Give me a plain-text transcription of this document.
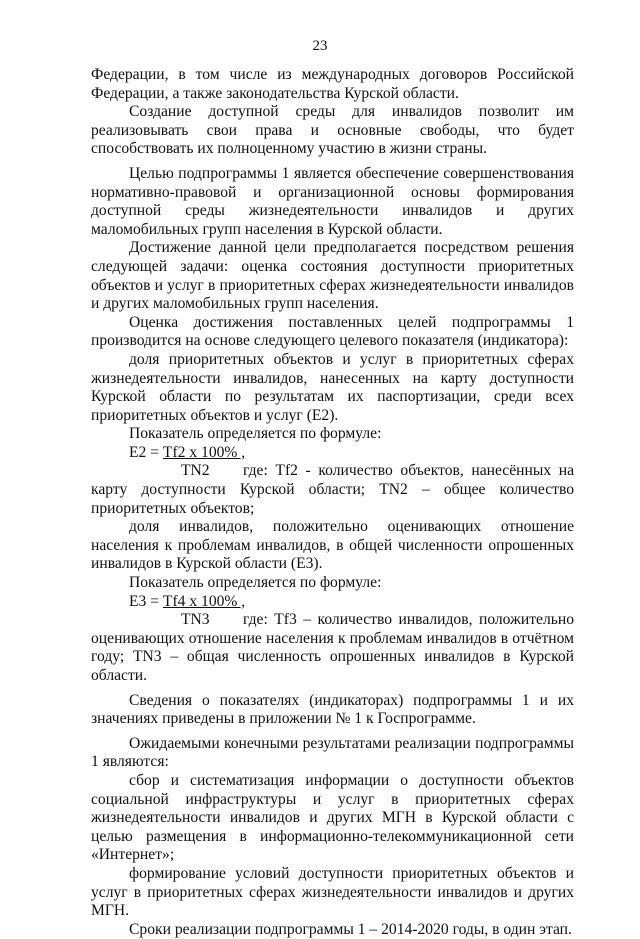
23

Федерации, в том числе из международных договоров Российской Федерации, а также законодательства Курской области.

Создание доступной среды для инвалидов позволит им реализовывать свои права и основные свободы, что будет способствовать их полноценному участию в жизни страны.

Целью подпрограммы 1 является обеспечение совершенствования нормативно-правовой и организационной основы формирования доступной среды жизнедеятельности инвалидов и других маломобильных групп населения в Курской области.

Достижение данной цели предполагается посредством решения следующей задачи: оценка состояния доступности приоритетных объектов и услуг в приоритетных сферах жизнедеятельности инвалидов и других маломобильных групп населения.

Оценка достижения поставленных целей подпрограммы 1 производится на основе следующего целевого показателя (индикатора):

доля приоритетных объектов и услуг в приоритетных сферах жизнедеятельности инвалидов, нанесенных на карту доступности Курской области по результатам их паспортизации, среди всех приоритетных объектов и услуг (Е2).

Показатель определяется по формуле:

Е2 = Tf2 x 100% ,

TN2 где: Tf2 - количество объектов, нанесённых на карту доступности Курской области; TN2 – общее количество приоритетных объектов;

доля инвалидов, положительно оценивающих отношение населения к проблемам инвалидов, в общей численности опрошенных инвалидов в Курской области (Е3).

Показатель определяется по формуле:

Е3 = Tf4 x 100% ,

TN3 где: Tf3 – количество инвалидов, положительно оценивающих отношение населения к проблемам инвалидов в отчётном году; TN3 – общая численность опрошенных инвалидов в Курской области.

Сведения о показателях (индикаторах) подпрограммы 1 и их значениях приведены в приложении № 1 к Госпрограмме.

Ожидаемыми конечными результатами реализации подпрограммы 1 являются:

сбор и систематизация информации о доступности объектов социальной инфраструктуры и услуг в приоритетных сферах жизнедеятельности инвалидов и других МГН в Курской области с целью размещения в информационно-телекоммуникационной сети «Интернет»;

формирование условий доступности приоритетных объектов и услуг в приоритетных сферах жизнедеятельности инвалидов и других МГН.

Сроки реализации подпрограммы 1 – 2014-2020 годы, в один этап.
